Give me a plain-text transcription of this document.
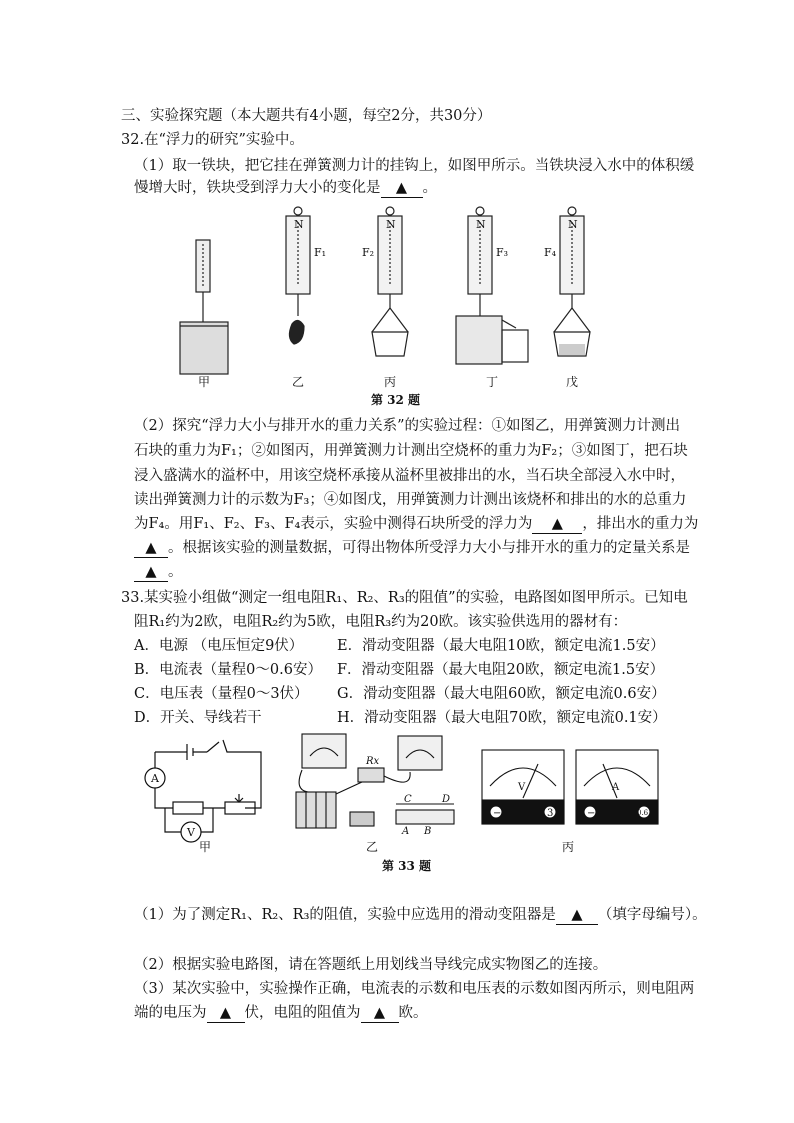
三、实验探究题（本大题共有4小题，每空2分，共30分）
32.在“浮力的研究”实验中。
（1）取一铁块，把它挂在弹簧测力计的挂钩上，如图甲所示。当铁块浸入水中的体积缓
慢增大时，铁块受到浮力大小的变化是 ▲ 。
N	N	N	N
F₁	F₂	F₃	F₄
甲	乙	丙	丁	戊
第 32 题
（2）探究“浮力大小与排开水的重力关系”的实验过程：①如图乙，用弹簧测力计测出
石块的重力为F₁；②如图丙，用弹簧测力计测出空烧杯的重力为F₂；③如图丁，把石块
浸入盛满水的溢杯中，用该空烧杯承接从溢杯里被排出的水，当石块全部浸入水中时，
读出弹簧测力计的示数为F₃；④如图戊，用弹簧测力计测出该烧杯和排出的水的总重力
为F₄。用F₁、F₂、F₃、F₄表示，实验中测得石块所受的浮力为 ▲ ，排出水的重力为
▲ 。根据该实验的测量数据，可得出物体所受浮力大小与排开水的重力的定量关系是
▲ 。
33.某实验小组做“测定一组电阻R₁、R₂、R₃的阻值”的实验，电路图如图甲所示。已知电
阻R₁约为2欧，电阻R₂约为5欧，电阻R₃约为20欧。该实验供选用的器材有：
A．电源 （电压恒定9伏）
B．电流表（量程0～0.6安）
C．电压表（量程0～3伏）
D．开关、导线若干
E．滑动变阻器（最大电阻10欧，额定电流1.5安）
F．滑动变阻器（最大电阻20欧，额定电流1.5安）
G．滑动变阻器（最大电阻60欧，额定电流0.6安）
H．滑动变阻器（最大电阻70欧，额定电流0.1安）
A
V
甲
Rx
C	D
A B
乙
V	A
−	3	−	0.6
丙
第 33 题
（1）为了测定R₁、R₂、R₃的阻值，实验中应选用的滑动变阻器是 ▲ （填字母编号）。
（2）根据实验电路图，请在答题纸上用划线当导线完成实物图乙的连接。
（3）某次实验中，实验操作正确，电流表的示数和电压表的示数如图丙所示，则电阻两
端的电压为 ▲ 伏，电阻的阻值为 ▲ 欧。
